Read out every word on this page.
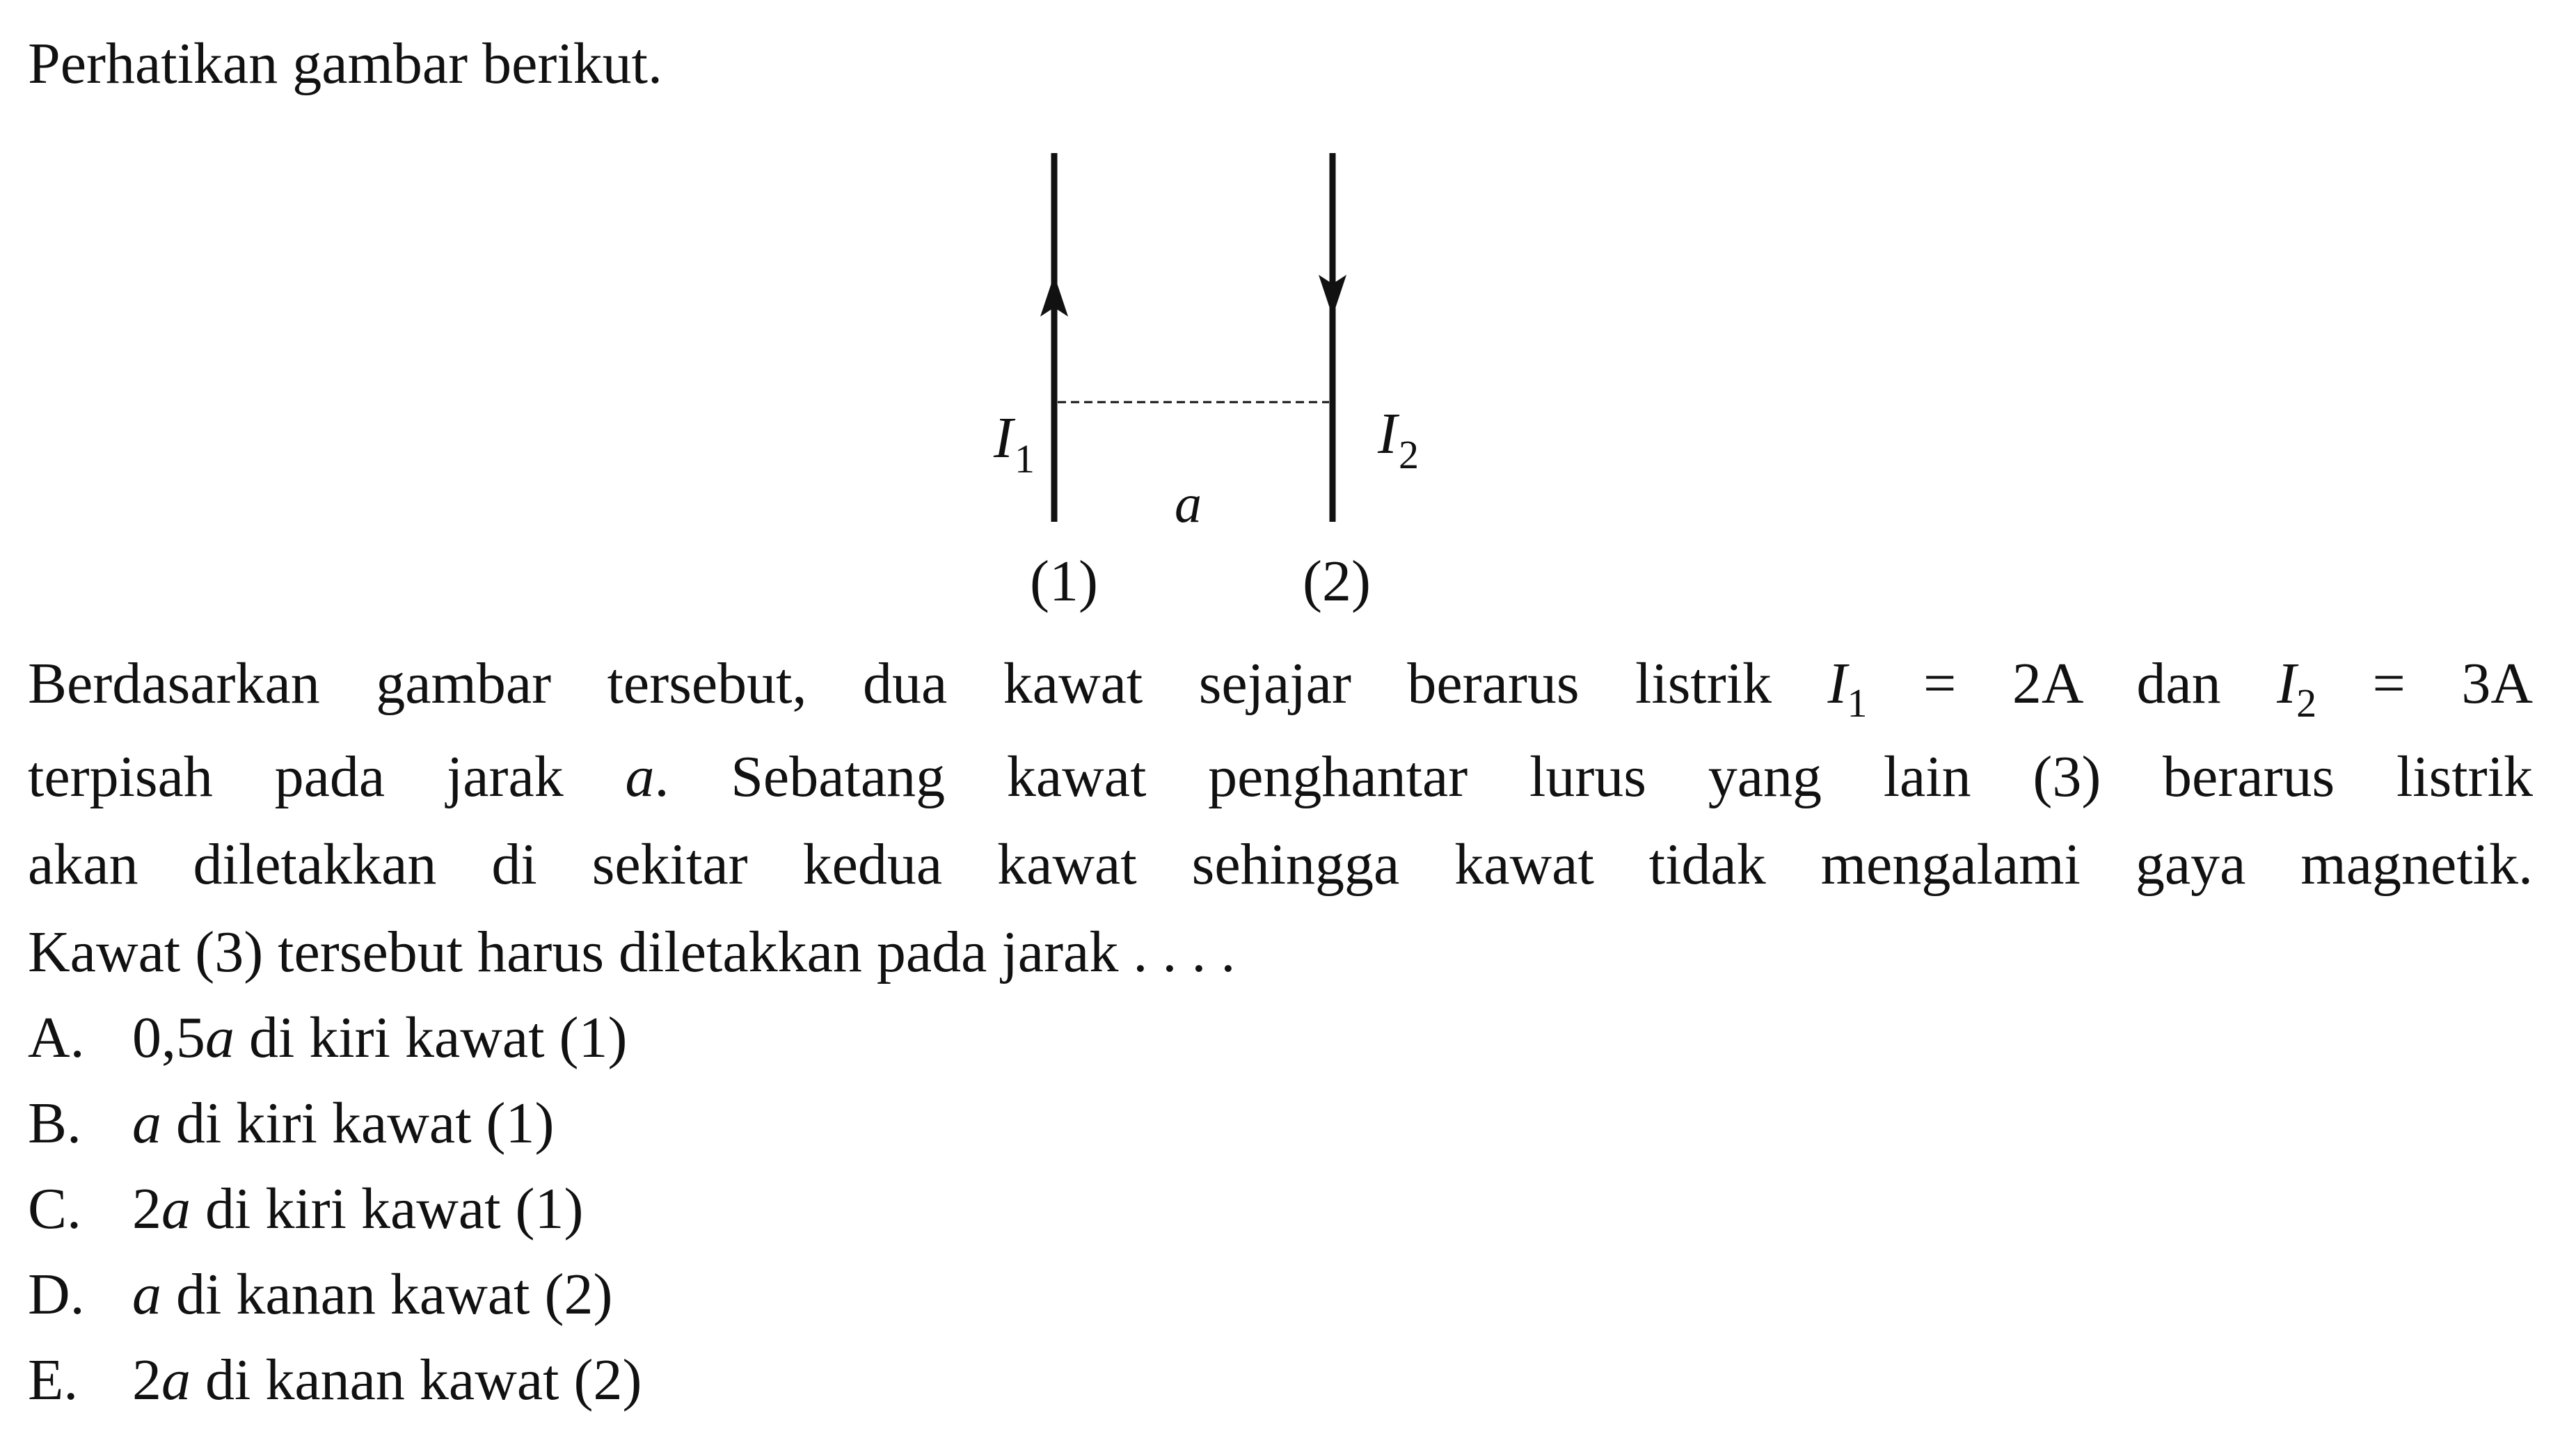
Perhatikan gambar berikut.
$I_1$	$I_2$
a
(1)	(2)
Berdasarkan gambar tersebut, dua kawat sejajar berarus listrik $I_1 = 2A$ dan $I_2 = 3A$
terpisah pada jarak a. Sebatang kawat penghantar lurus yang lain (3) berarus listrik
akan diletakkan di sekitar kedua kawat sehingga kawat tidak mengalami gaya magnetik.
Kawat (3) tersebut harus diletakkan pada jarak . . . .
A. 0,5a di kiri kawat (1)
B. a di kiri kawat (1)
C. 2a di kiri kawat (1)
D. a di kanan kawat (2)
E. 2a di kanan kawat (2)
